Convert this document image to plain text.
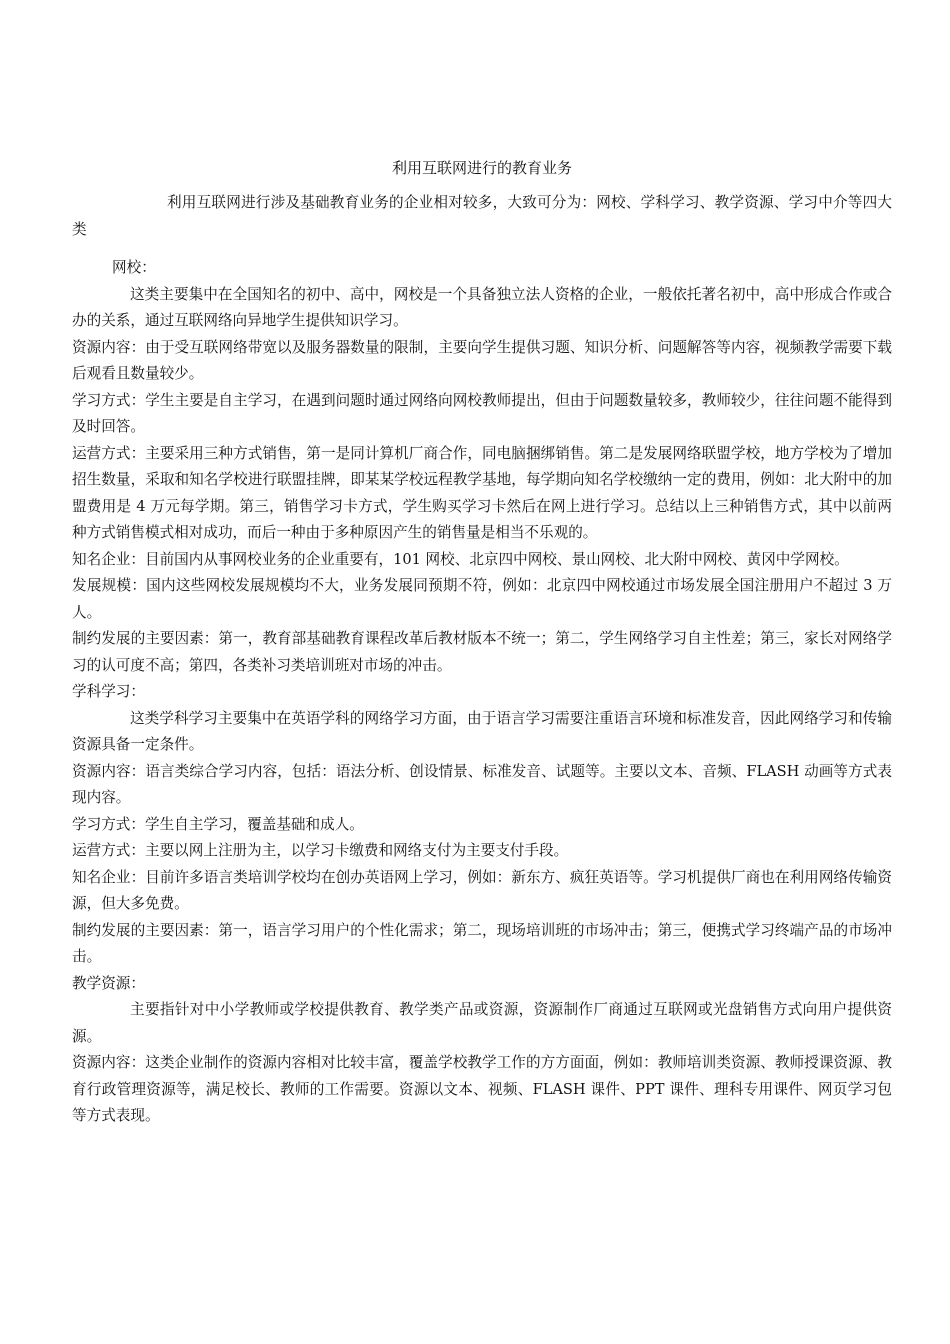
利用互联网进行的教育业务

利用互联网进行涉及基础教育业务的企业相对较多，大致可分为：网校、学科学习、教学资源、学习中介等四大类

网校：

这类主要集中在全国知名的初中、高中，网校是一个具备独立法人资格的企业，一般依托著名初中，高中形成合作或合办的关系，通过互联网络向异地学生提供知识学习。

资源内容：由于受互联网络带宽以及服务器数量的限制，主要向学生提供习题、知识分析、问题解答等内容，视频教学需要下载后观看且数量较少。

学习方式：学生主要是自主学习，在遇到问题时通过网络向网校教师提出，但由于问题数量较多，教师较少，往往问题不能得到及时回答。

运营方式：主要采用三种方式销售，第一是同计算机厂商合作，同电脑捆绑销售。第二是发展网络联盟学校，地方学校为了增加招生数量，采取和知名学校进行联盟挂牌，即某某学校远程教学基地，每学期向知名学校缴纳一定的费用，例如：北大附中的加盟费用是 4 万元每学期。第三，销售学习卡方式，学生购买学习卡然后在网上进行学习。总结以上三种销售方式，其中以前两种方式销售模式相对成功，而后一种由于多种原因产生的销售量是相当不乐观的。

知名企业：目前国内从事网校业务的企业重要有，101 网校、北京四中网校、景山网校、北大附中网校、黄冈中学网校。

发展规模：国内这些网校发展规模均不大，业务发展同预期不符，例如：北京四中网校通过市场发展全国注册用户不超过 3 万人。

制约发展的主要因素：第一，教育部基础教育课程改革后教材版本不统一；第二，学生网络学习自主性差；第三，家长对网络学习的认可度不高；第四，各类补习类培训班对市场的冲击。

学科学习：

这类学科学习主要集中在英语学科的网络学习方面，由于语言学习需要注重语言环境和标准发音，因此网络学习和传输资源具备一定条件。

资源内容：语言类综合学习内容，包括：语法分析、创设情景、标准发音、试题等。主要以文本、音频、FLASH 动画等方式表现内容。

学习方式：学生自主学习，覆盖基础和成人。

运营方式：主要以网上注册为主，以学习卡缴费和网络支付为主要支付手段。

知名企业：目前许多语言类培训学校均在创办英语网上学习，例如：新东方、疯狂英语等。学习机提供厂商也在利用网络传输资源，但大多免费。

制约发展的主要因素：第一，语言学习用户的个性化需求；第二，现场培训班的市场冲击；第三，便携式学习终端产品的市场冲击。

教学资源：

主要指针对中小学教师或学校提供教育、教学类产品或资源，资源制作厂商通过互联网或光盘销售方式向用户提供资源。

资源内容：这类企业制作的资源内容相对比较丰富，覆盖学校教学工作的方方面面，例如：教师培训类资源、教师授课资源、教育行政管理资源等，满足校长、教师的工作需要。资源以文本、视频、FLASH 课件、PPT 课件、理科专用课件、网页学习包等方式表现。
